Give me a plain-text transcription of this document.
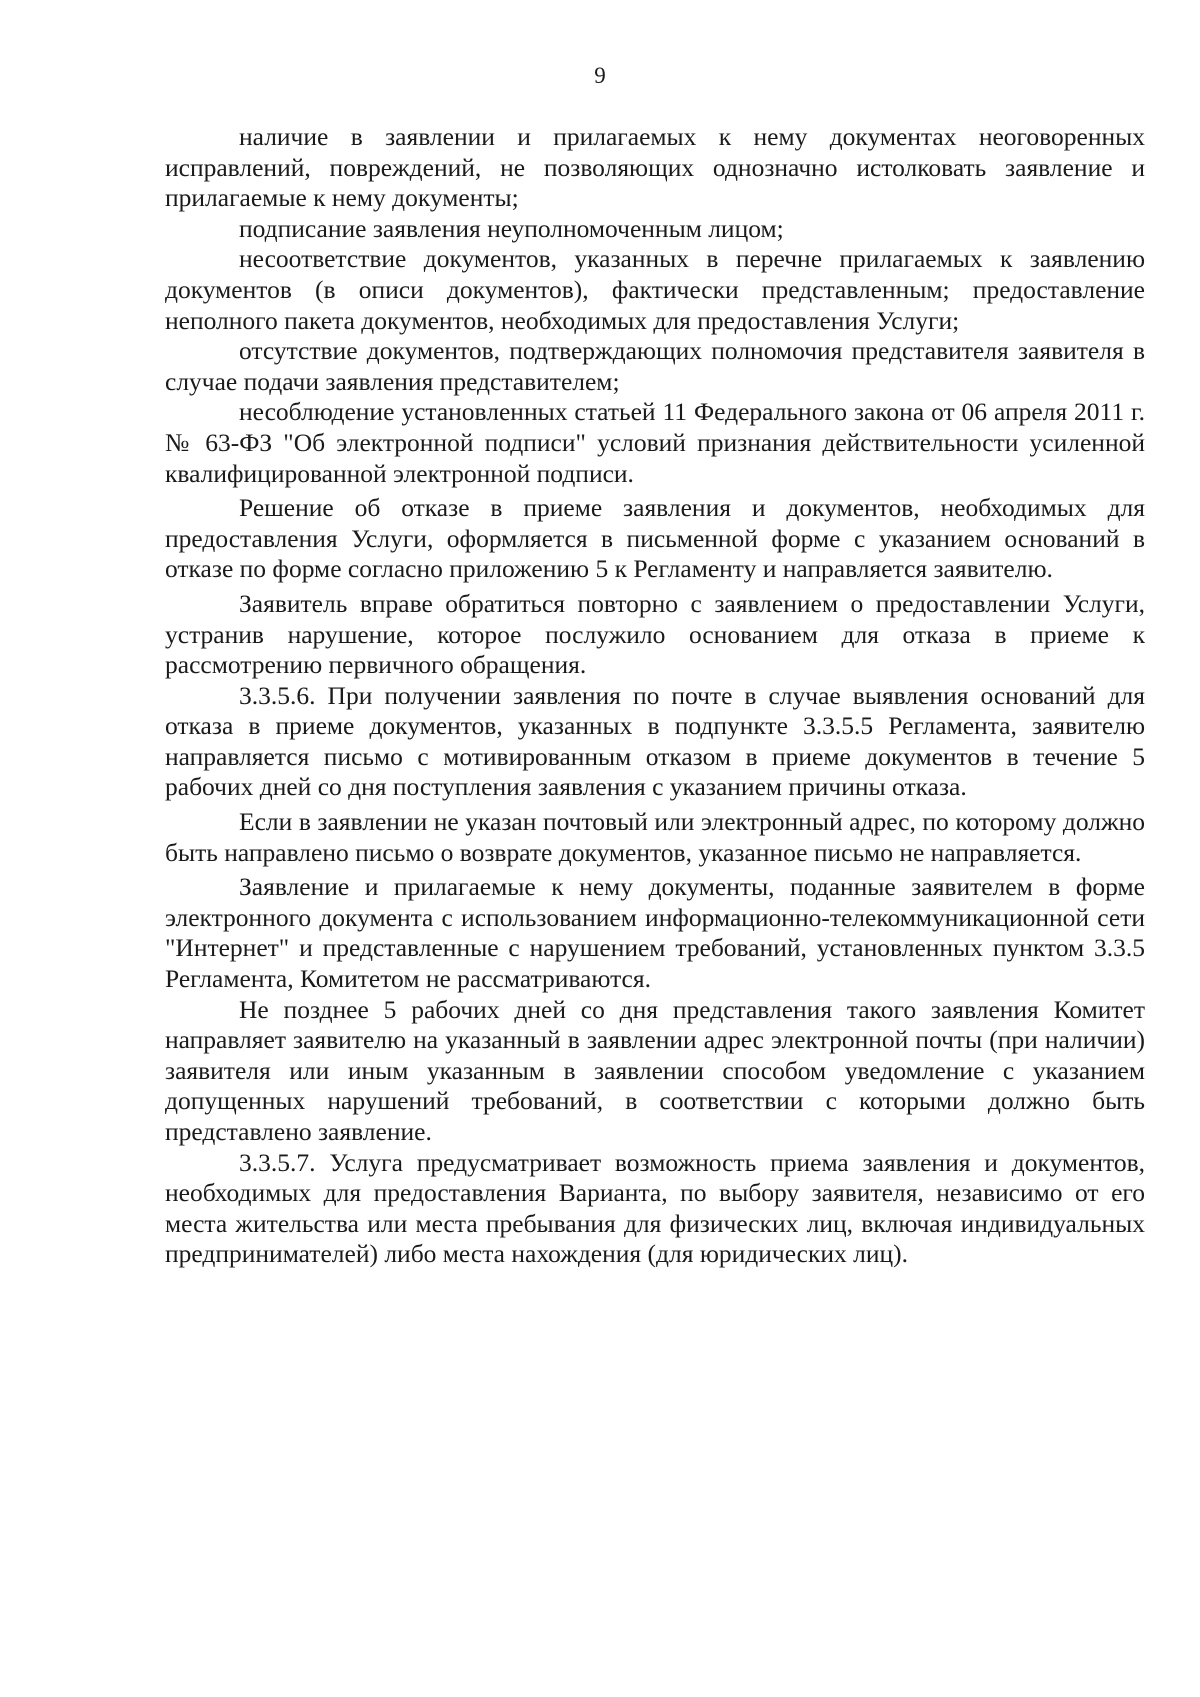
9

наличие в заявлении и прилагаемых к нему документах неоговоренных исправлений, повреждений, не позволяющих однозначно истолковать заявление и прилагаемые к нему документы;

подписание заявления неуполномоченным лицом;

несоответствие документов, указанных в перечне прилагаемых к заявлению документов (в описи документов), фактически представленным; предоставление неполного пакета документов, необходимых для предоставления Услуги;

отсутствие документов, подтверждающих полномочия представителя заявителя в случае подачи заявления представителем;

несоблюдение установленных статьей 11 Федерального закона от 06 апреля 2011 г. № 63-ФЗ "Об электронной подписи" условий признания действительности усиленной квалифицированной электронной подписи.

Решение об отказе в приеме заявления и документов, необходимых для предоставления Услуги, оформляется в письменной форме с указанием оснований в отказе по форме согласно приложению 5 к Регламенту и направляется заявителю.

Заявитель вправе обратиться повторно с заявлением о предоставлении Услуги, устранив нарушение, которое послужило основанием для отказа в приеме к рассмотрению первичного обращения.

3.3.5.6. При получении заявления по почте в случае выявления оснований для отказа в приеме документов, указанных в подпункте 3.3.5.5 Регламента, заявителю направляется письмо с мотивированным отказом в приеме документов в течение 5 рабочих дней со дня поступления заявления с указанием причины отказа.

Если в заявлении не указан почтовый или электронный адрес, по которому должно быть направлено письмо о возврате документов, указанное письмо не направляется.

Заявление и прилагаемые к нему документы, поданные заявителем в форме электронного документа с использованием информационно-телекоммуникационной сети "Интернет" и представленные с нарушением требований, установленных пунктом 3.3.5 Регламента, Комитетом не рассматриваются.

Не позднее 5 рабочих дней со дня представления такого заявления Комитет направляет заявителю на указанный в заявлении адрес электронной почты (при наличии) заявителя или иным указанным в заявлении способом уведомление с указанием допущенных нарушений требований, в соответствии с которыми должно быть представлено заявление.

3.3.5.7. Услуга предусматривает возможность приема заявления и документов, необходимых для предоставления Варианта, по выбору заявителя, независимо от его места жительства или места пребывания для физических лиц, включая индивидуальных предпринимателей) либо места нахождения (для юридических лиц).
